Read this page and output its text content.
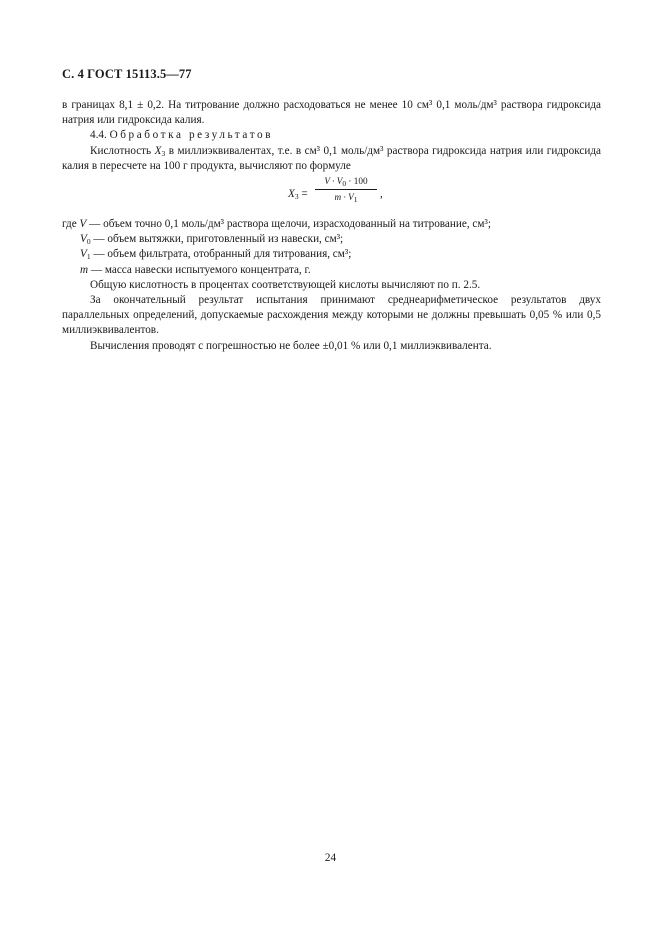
С. 4 ГОСТ 15113.5—77

в границах 8,1 ± 0,2. На титрование должно расходоваться не менее 10 см³ 0,1 моль/дм³ раствора гидроксида натрия или гидроксида калия.

4.4. Обработка результатов

Кислотность $X_3$ в миллиэквивалентах, т.е. в см³ 0,1 моль/дм³ раствора гидроксида натрия или гидроксида калия в пересчете на 100 г продукта, вычисляют по формуле

$X_3$ =
$V \cdot V_0 \cdot 100$
$m \cdot V_1$	,
где V — объем точно 0,1 моль/дм³ раствора щелочи, израсходованный на титрование, см³;
$V_0$ — объем вытяжки, приготовленный из навески, см³;
$V_1$ — объем фильтрата, отобранный для титрования, см³;
m — масса навески испытуемого концентрата, г.

Общую кислотность в процентах соответствующей кислоты вычисляют по п. 2.5.

За окончательный результат испытания принимают среднеарифметическое результатов двух параллельных определений, допускаемые расхождения между которыми не должны превышать 0,05 % или 0,5 миллиэквивалентов.

Вычисления проводят с погрешностью не более ±0,01 % или 0,1 миллиэквивалента.

24
